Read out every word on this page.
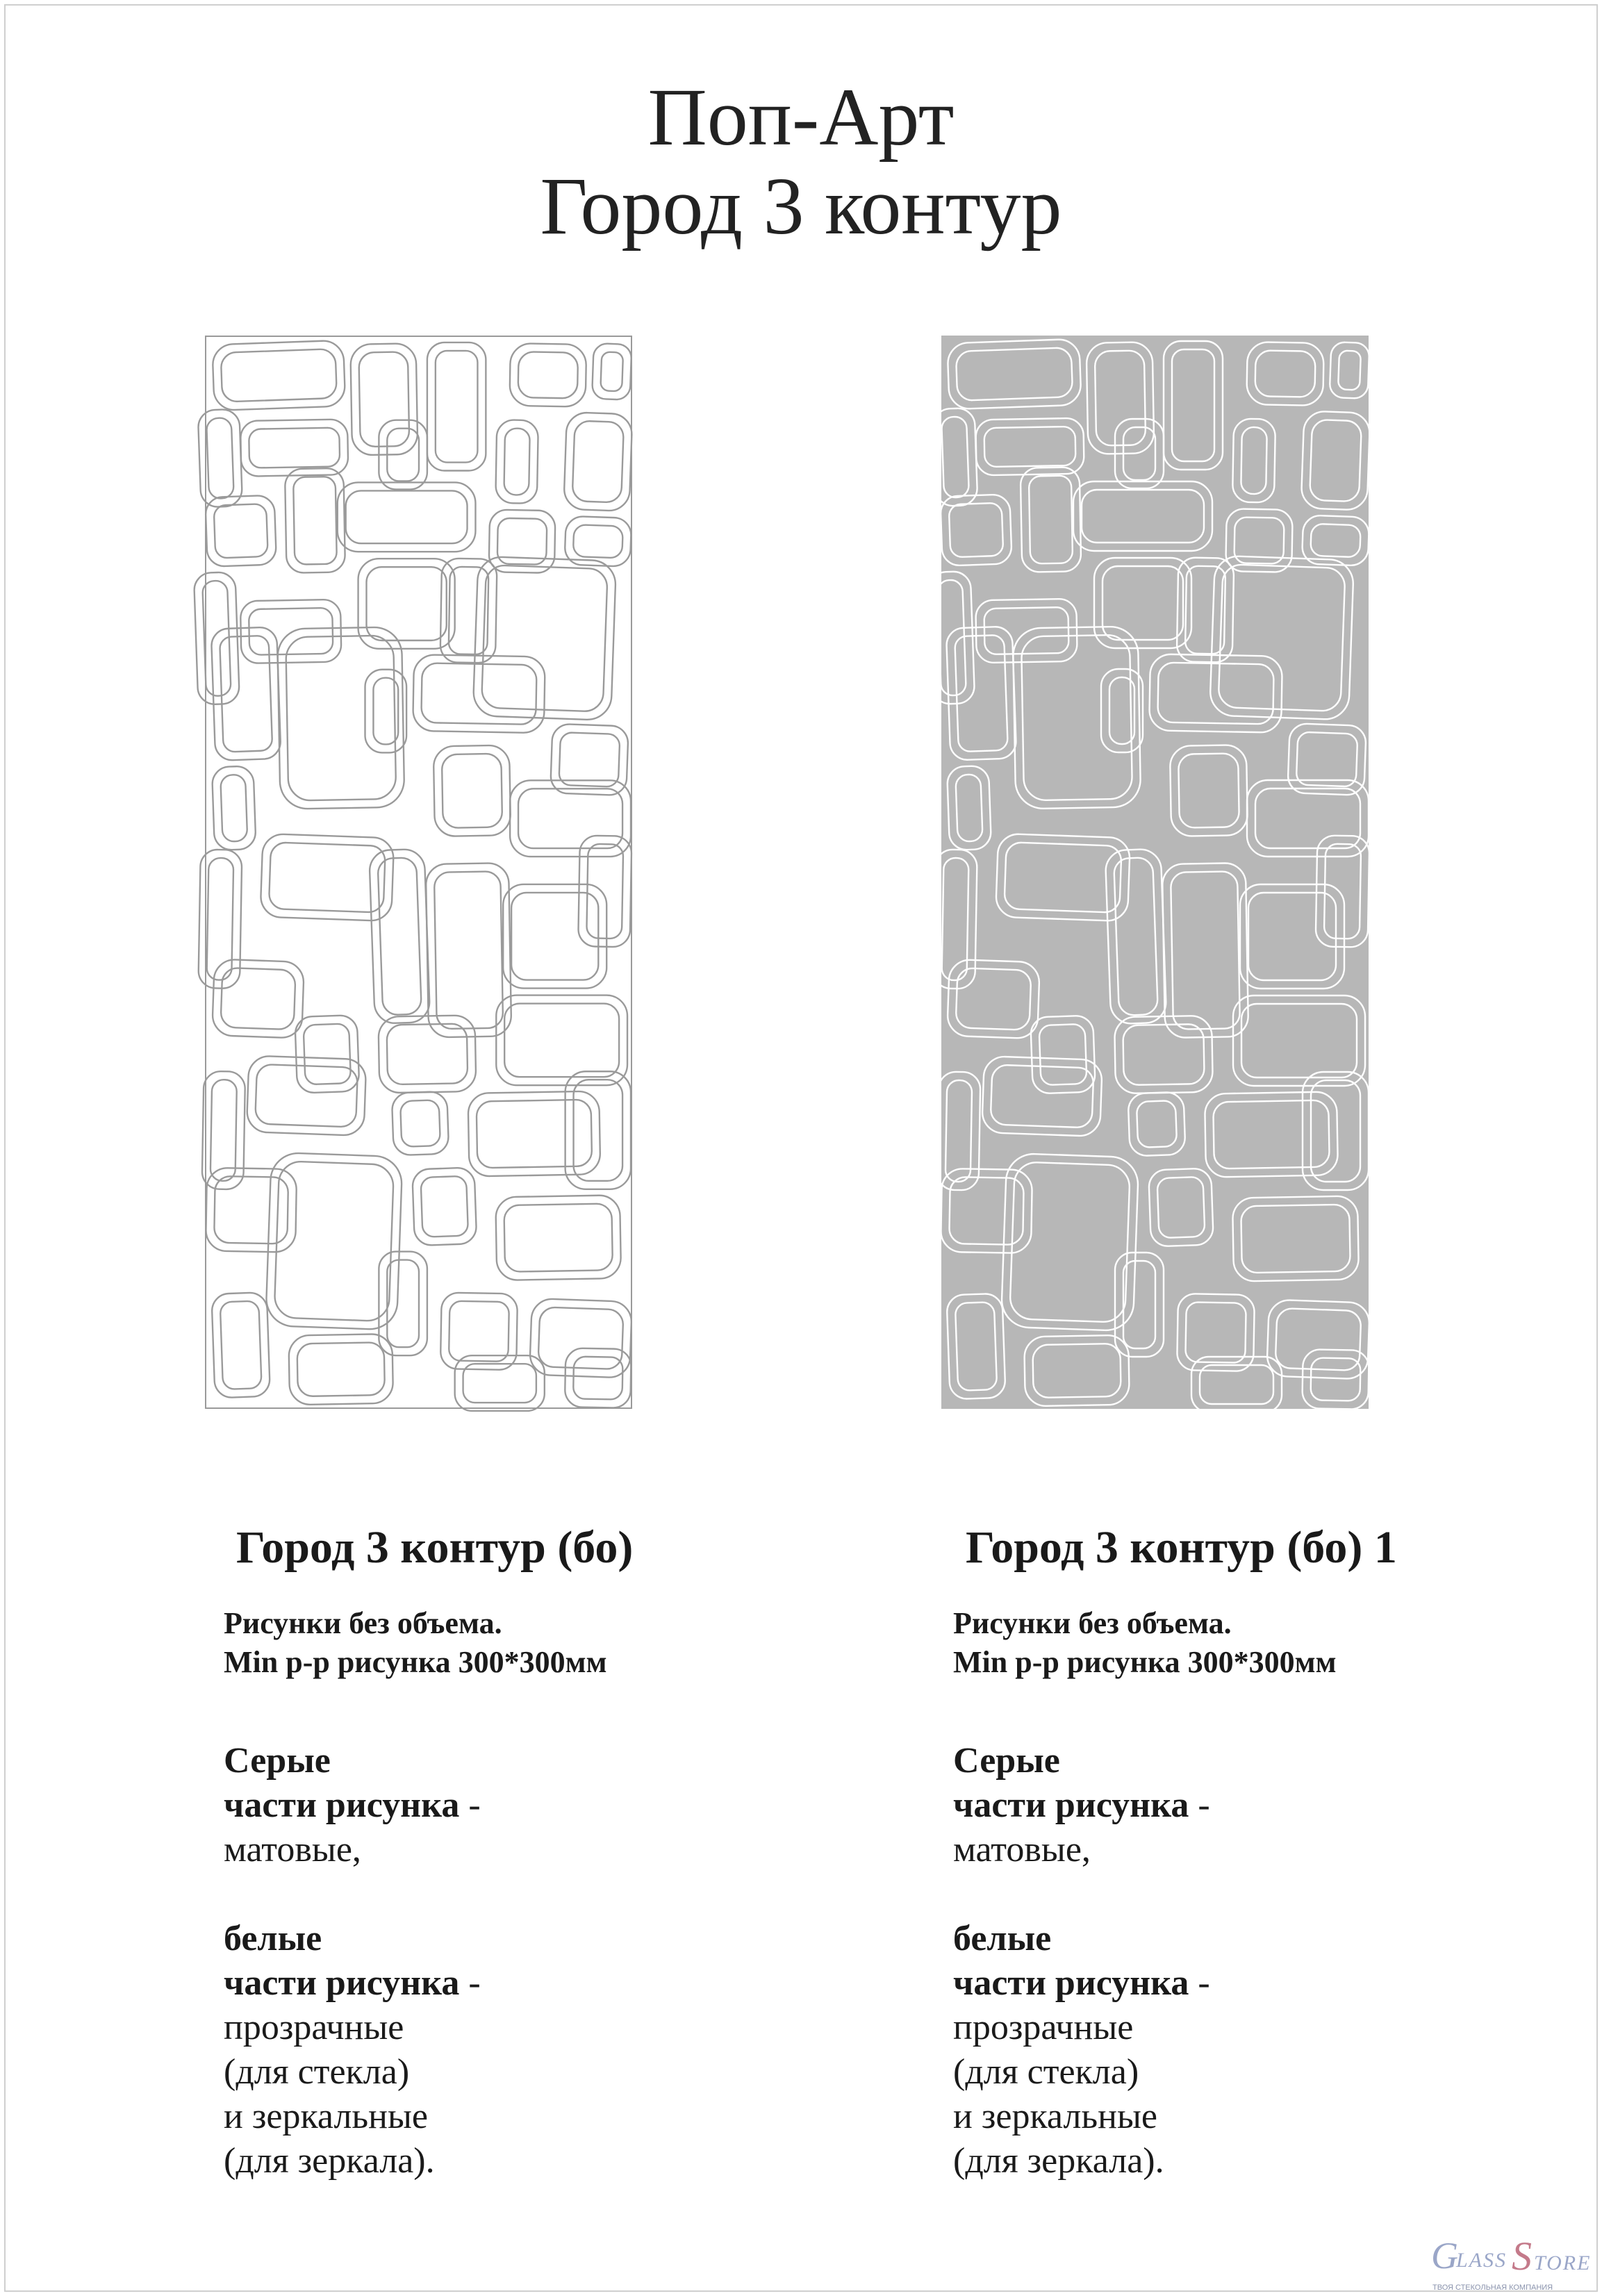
Поп-Арт
Город 3 контур
Город 3 контур (бо)
Рисунки без объема.
Min р-р рисунка 300*300мм
Серые
части рисунка -
матовые,
белые
части рисунка -
прозрачные
(для стекла)
и зеркальные
(для зеркала).
Город 3 контур (бо) 1
Рисунки без объема.
Min р-р рисунка 300*300мм
Серые
части рисунка -
матовые,
белые
части рисунка -
прозрачные
(для стекла)
и зеркальные
(для зеркала).
G
LASS S TORE
ТВОЯ СТЕКОЛЬНАЯ КОМПАНИЯ
